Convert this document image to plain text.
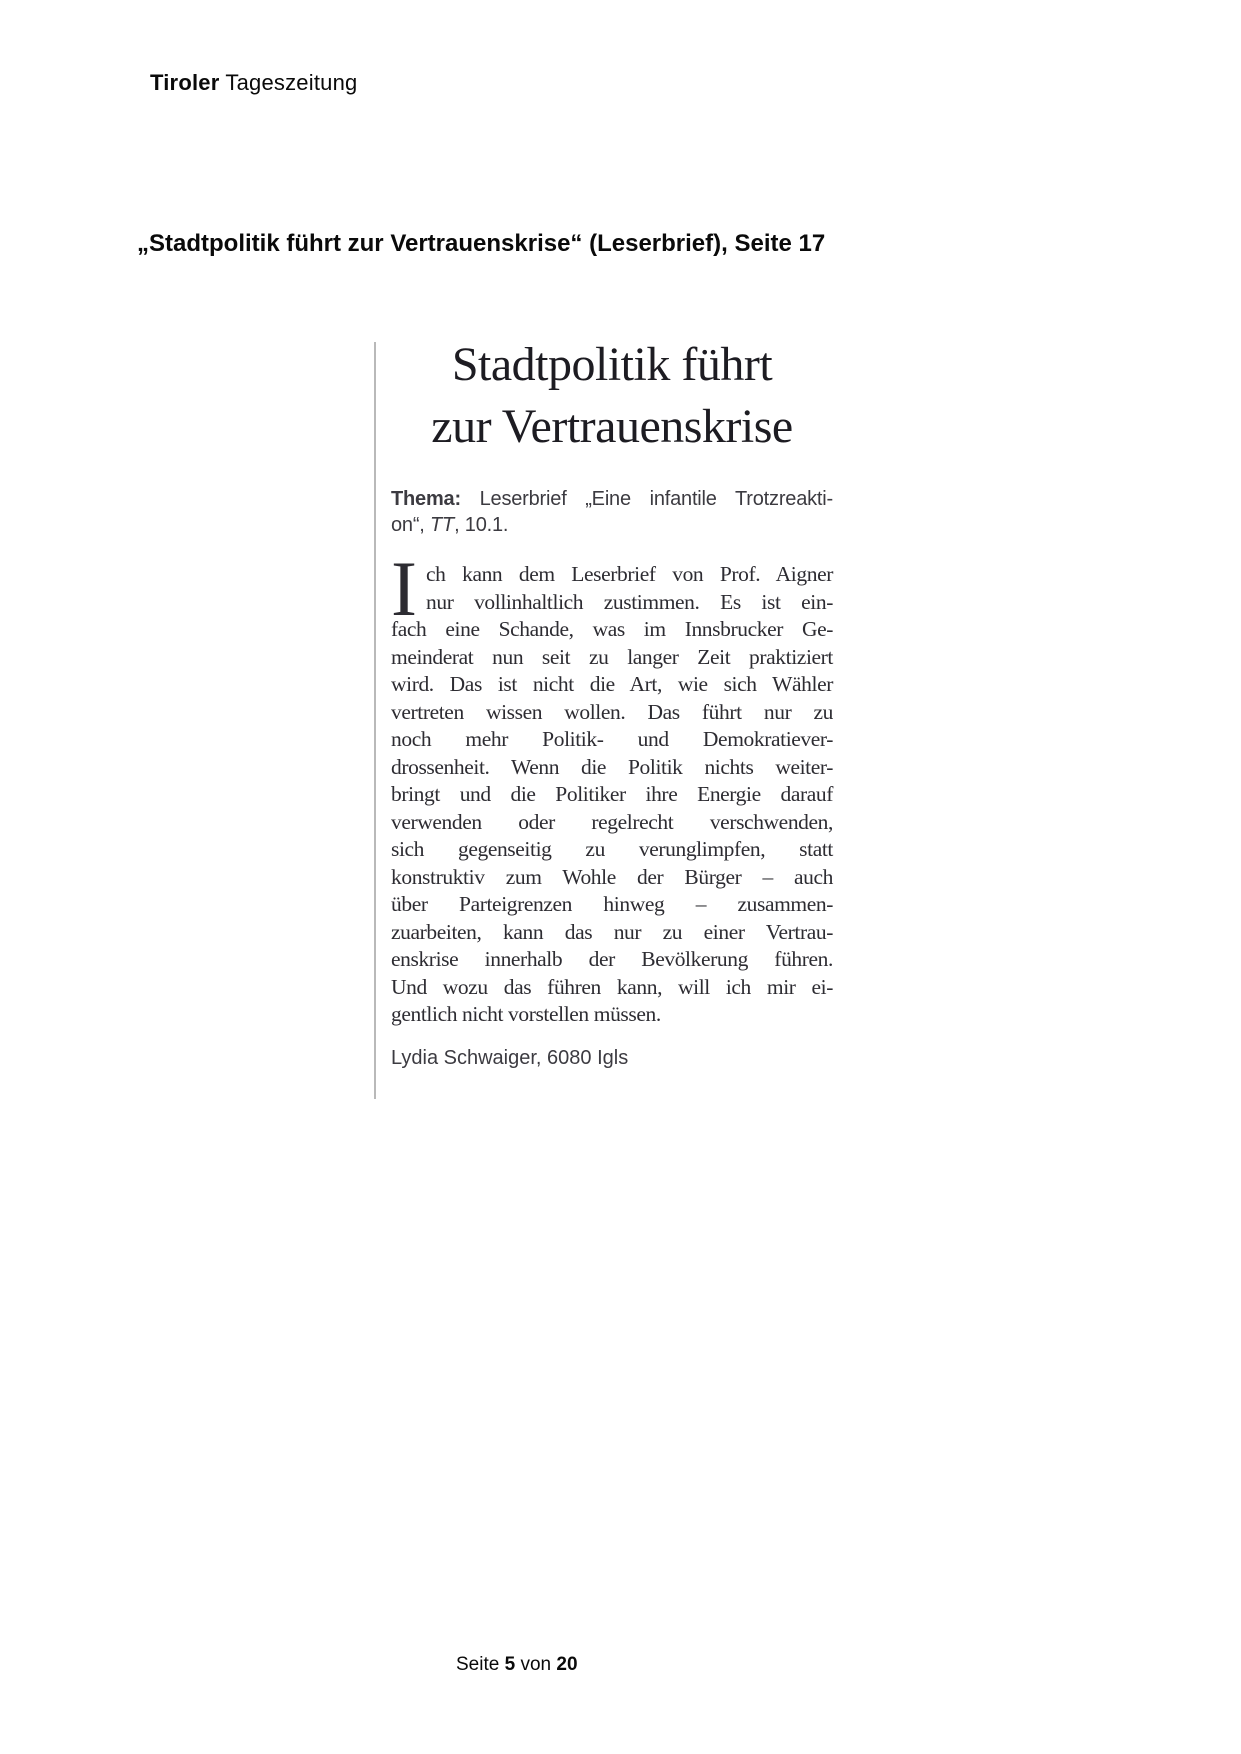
Tiroler Tageszeitung
„Stadtpolitik führt zur Vertrauenskrise“ (Leserbrief), Seite 17
Stadtpolitik führt
zur Vertrauenskrise
Thema: Leserbrief „Eine infantile Trotzreakti-
on“, TT, 10.1.
I ch kann dem Leserbrief von Prof. Aigner
nur vollinhaltlich zustimmen. Es ist ein-
fach eine Schande, was im Innsbrucker Ge-
meinderat nun seit zu langer Zeit praktiziert
wird. Das ist nicht die Art, wie sich Wähler
vertreten wissen wollen. Das führt nur zu
noch mehr Politik- und Demokratiever-
drossenheit. Wenn die Politik nichts weiter-
bringt und die Politiker ihre Energie darauf
verwenden oder regelrecht verschwenden,
sich gegenseitig zu verunglimpfen, statt
konstruktiv zum Wohle der Bürger – auch
über Parteigrenzen hinweg – zusammen-
zuarbeiten, kann das nur zu einer Vertrau-
enskrise innerhalb der Bevölkerung führen.
Und wozu das führen kann, will ich mir ei-
gentlich nicht vorstellen müssen.
Lydia Schwaiger, 6080 Igls
Seite 5 von 20
